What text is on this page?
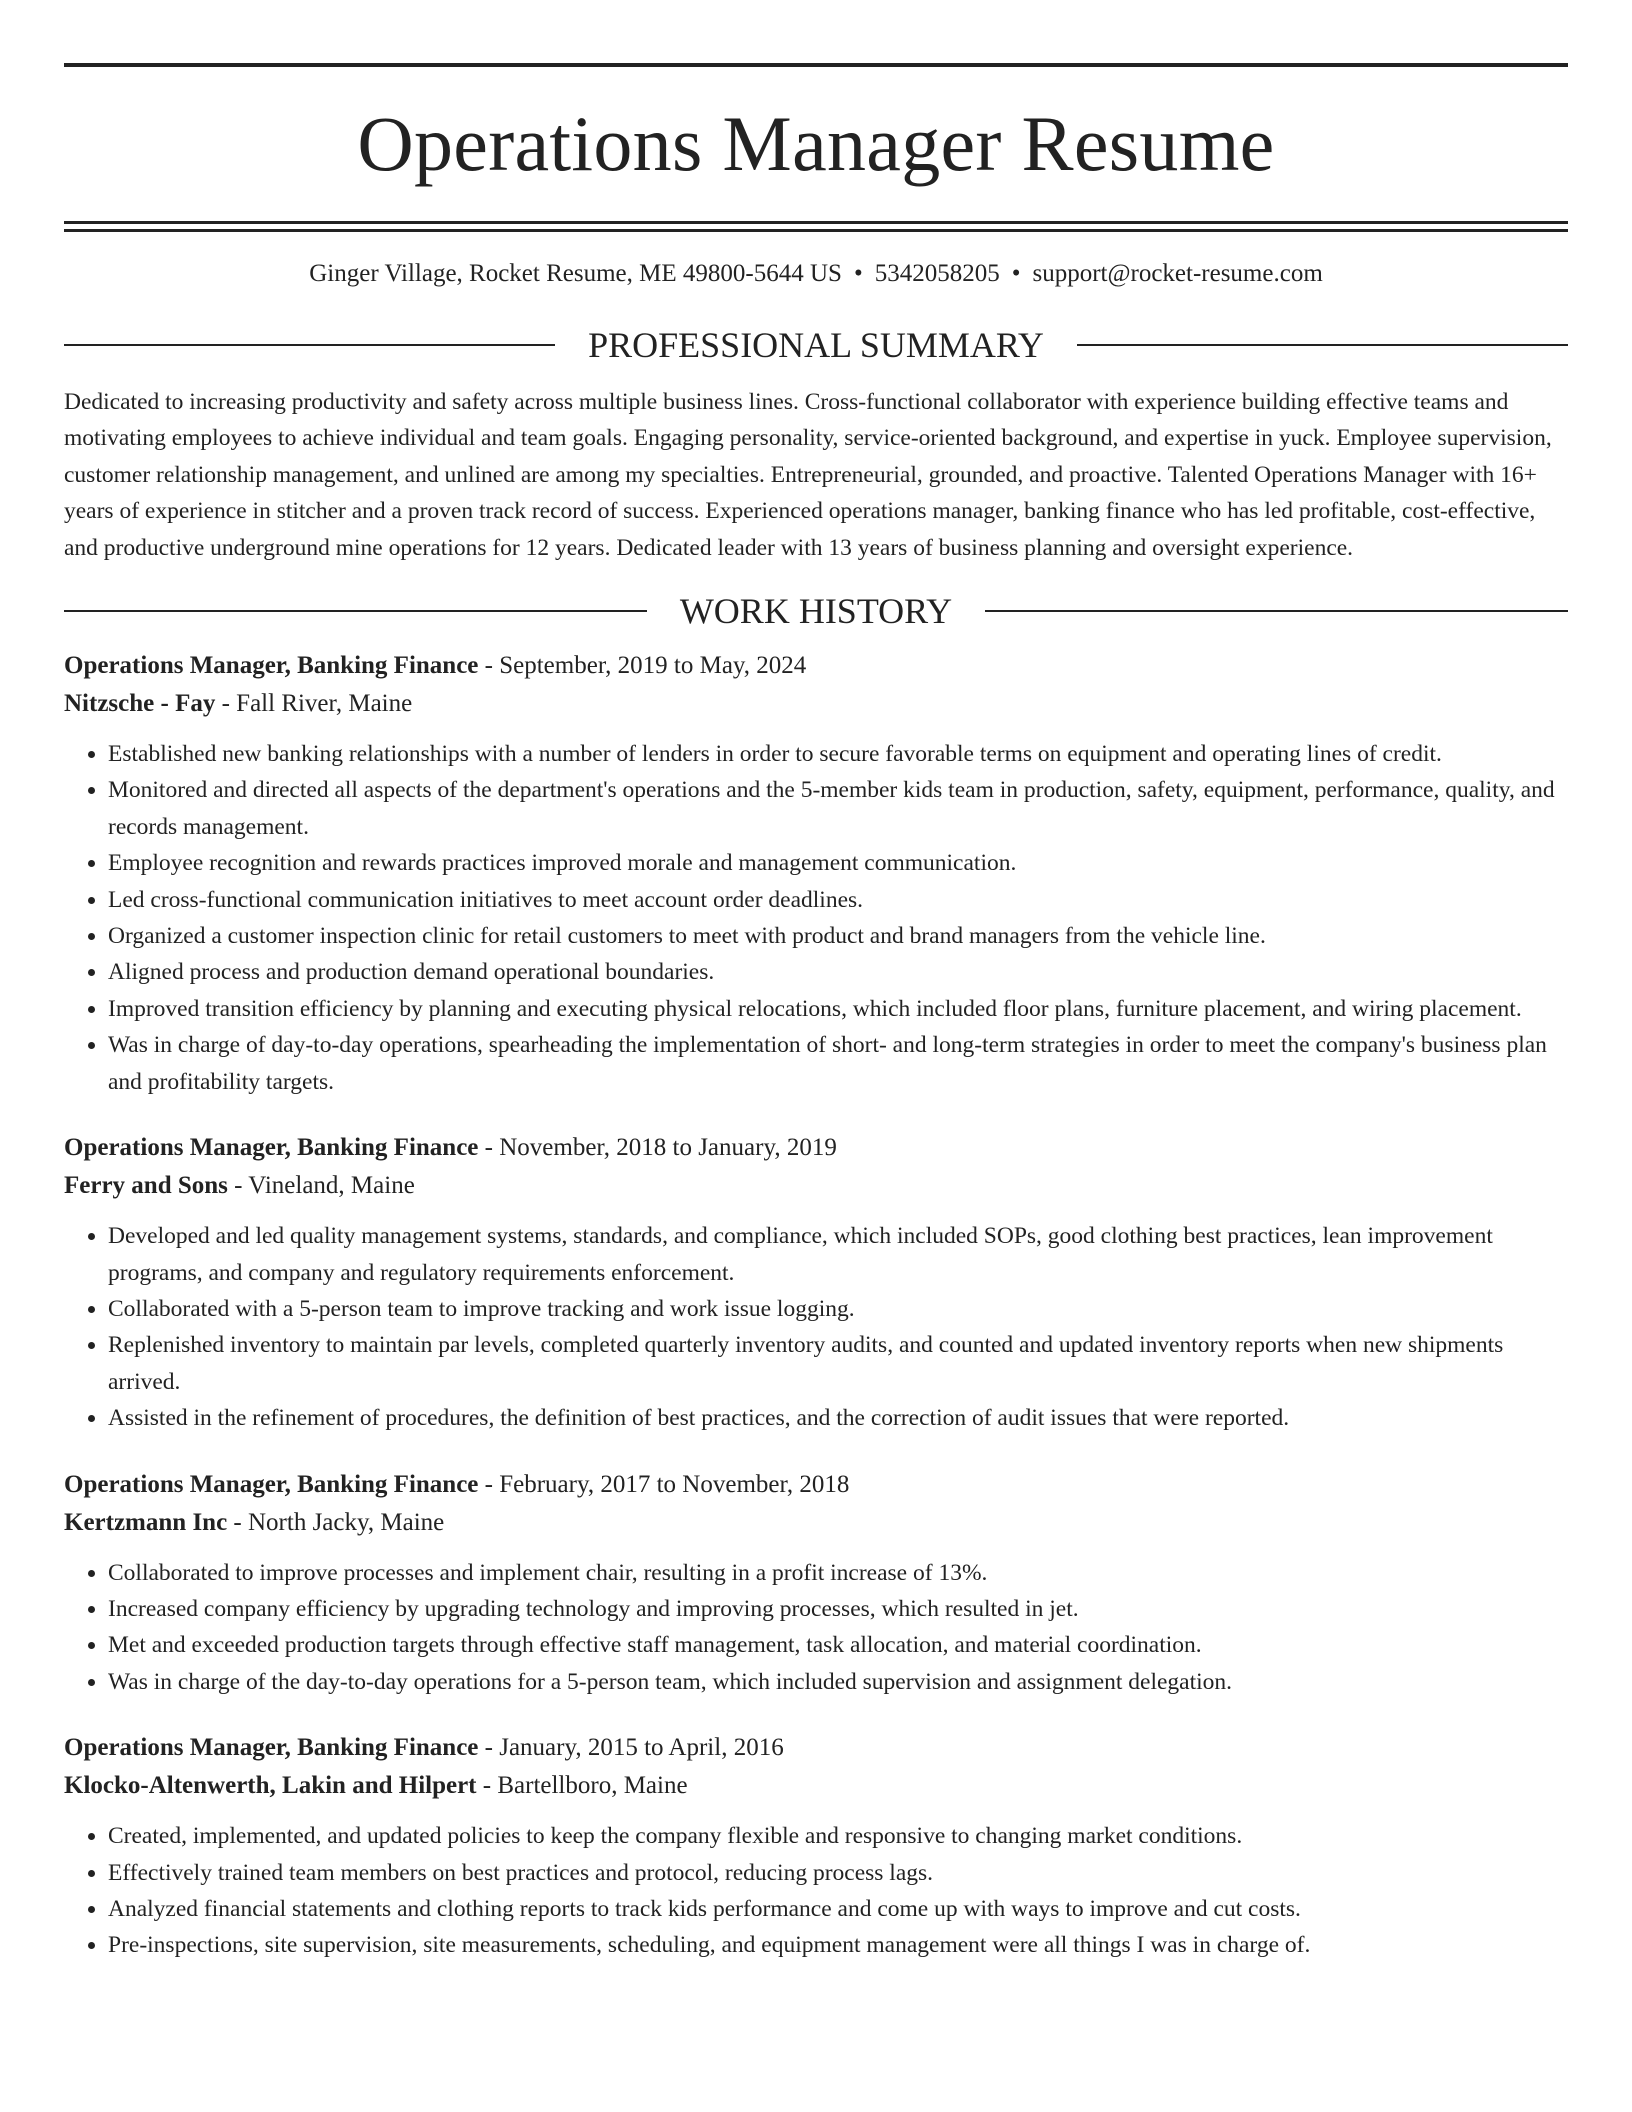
Operations Manager Resume
Ginger Village, Rocket Resume, ME 49800-5644 US • 5342058205 • support@rocket-resume.com
PROFESSIONAL SUMMARY

Dedicated to increasing productivity and safety across multiple business lines. Cross-functional collaborator with experience building effective teams and motivating employees to achieve individual and team goals. Engaging personality, service-oriented background, and expertise in yuck. Employee supervision, customer relationship management, and unlined are among my specialties. Entrepreneurial, grounded, and proactive. Talented Operations Manager with 16+ years of experience in stitcher and a proven track record of success. Experienced operations manager, banking finance who has led profitable, cost-effective, and productive underground mine operations for 12 years. Dedicated leader with 13 years of business planning and oversight experience.

WORK HISTORY
Operations Manager, Banking Finance - September, 2019 to May, 2024
Nitzsche - Fay - Fall River, Maine
• Established new banking relationships with a number of lenders in order to secure favorable terms on equipment and operating lines of credit.
• Monitored and directed all aspects of the department's operations and the 5-member kids team in production, safety, equipment, performance, quality, and records management.
• Employee recognition and rewards practices improved morale and management communication.
• Led cross-functional communication initiatives to meet account order deadlines.
• Organized a customer inspection clinic for retail customers to meet with product and brand managers from the vehicle line.
• Aligned process and production demand operational boundaries.
• Improved transition efficiency by planning and executing physical relocations, which included floor plans, furniture placement, and wiring placement.
• Was in charge of day-to-day operations, spearheading the implementation of short- and long-term strategies in order to meet the company's business plan and profitability targets.
Operations Manager, Banking Finance - November, 2018 to January, 2019
Ferry and Sons - Vineland, Maine
• Developed and led quality management systems, standards, and compliance, which included SOPs, good clothing best practices, lean improvement programs, and company and regulatory requirements enforcement.
• Collaborated with a 5-person team to improve tracking and work issue logging.
• Replenished inventory to maintain par levels, completed quarterly inventory audits, and counted and updated inventory reports when new shipments arrived.
• Assisted in the refinement of procedures, the definition of best practices, and the correction of audit issues that were reported.
Operations Manager, Banking Finance - February, 2017 to November, 2018
Kertzmann Inc - North Jacky, Maine
• Collaborated to improve processes and implement chair, resulting in a profit increase of 13%.
• Increased company efficiency by upgrading technology and improving processes, which resulted in jet.
• Met and exceeded production targets through effective staff management, task allocation, and material coordination.
• Was in charge of the day-to-day operations for a 5-person team, which included supervision and assignment delegation.
Operations Manager, Banking Finance - January, 2015 to April, 2016
Klocko-Altenwerth, Lakin and Hilpert - Bartellboro, Maine
• Created, implemented, and updated policies to keep the company flexible and responsive to changing market conditions.
• Effectively trained team members on best practices and protocol, reducing process lags.
• Analyzed financial statements and clothing reports to track kids performance and come up with ways to improve and cut costs.
• Pre-inspections, site supervision, site measurements, scheduling, and equipment management were all things I was in charge of.
